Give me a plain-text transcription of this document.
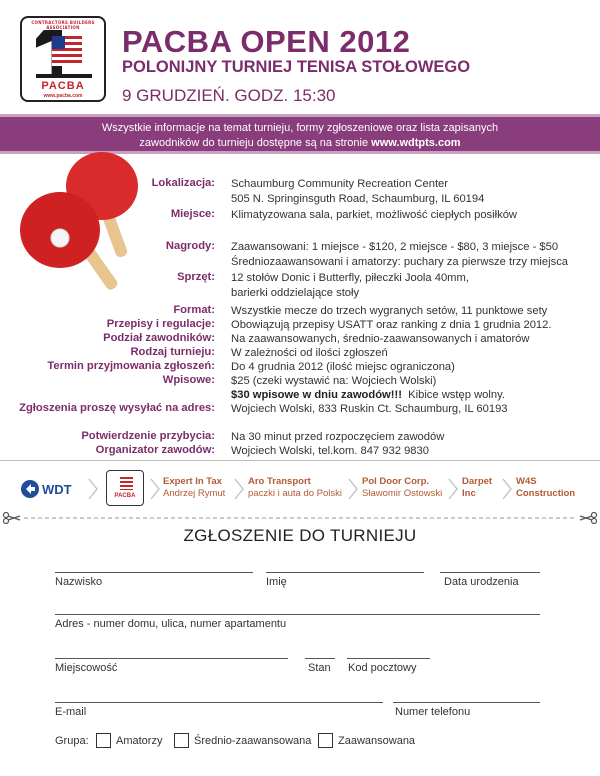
CONTRACTORS BUILDERS ASSOCIATION
PACBA
www.pacba.com
PACBA OPEN 2012
POLONIJNY TURNIEJ TENISA STOŁOWEGO
9 GRUDZIEŃ. GODZ. 15:30
Wszystkie informacje na temat turnieju, formy zgłoszeniowe oraz lista zapisanych
zawodników do turnieju dostępne są na stronie www.wdtpts.com
Lokalizacja: Schaumburg Community Recreation Center
505 N. Springinsguth Road, Schaumburg, IL 60194
Miejsce: Klimatyzowana sala, parkiet, możliwość ciepłych posiłków
Nagrody: Zaawansowani: 1 miejsce - $120, 2 miejsce - $80, 3 miejsce - $50
Średniozaawansowani i amatorzy: puchary za pierwsze trzy miejsca
Sprzęt: 12 stołów Donic i Butterfly, piłeczki Joola 40mm,
barierki oddzielające stoły
Format: Wszystkie mecze do trzech wygranych setów, 11 punktowe sety
Przepisy i regulacje: Obowiązują przepisy USATT oraz ranking z dnia 1 grudnia 2012.
Podział zawodników: Na zaawansowanych, średnio-zaawansowanych i amatorów
Rodzaj turnieju: W zależności od ilości zgłoszeń
Termin przyjmowania zgłoszeń: Do 4 grudnia 2012 (ilość miejsc ograniczona)
Wpisowe: $25 (czeki wystawić na: Wojciech Wolski)
$30 wpisowe w dniu zawodów!!!  Kibice wstęp wolny.
Zgłoszenia proszę wysyłać na adres: Wojciech Wolski, 833 Ruskin Ct. Schaumburg, IL 60193
Potwierdzenie przybycia: Na 30 minut przed rozpoczęciem zawodów
Organizator zawodów: Wojciech Wolski, tel.kom. 847 932 9830
WDT	PACBA
Expert In Tax
Andrzej Rymut
Aro Transport
paczki i auta do Polski
Pol Door Corp.
Sławomir Ostowski
Darpet
Inc
W4S
Construction
ZGŁOSZENIE DO TURNIEJU
Nazwisko	Imię	Data urodzenia
Adres - numer domu, ulica, numer apartamentu
Miejscowość	Stan Kod pocztowy
E-mail	Numer telefonu
Grupa: Amatorzy	Średnio-zaawansowana Zaawansowana
